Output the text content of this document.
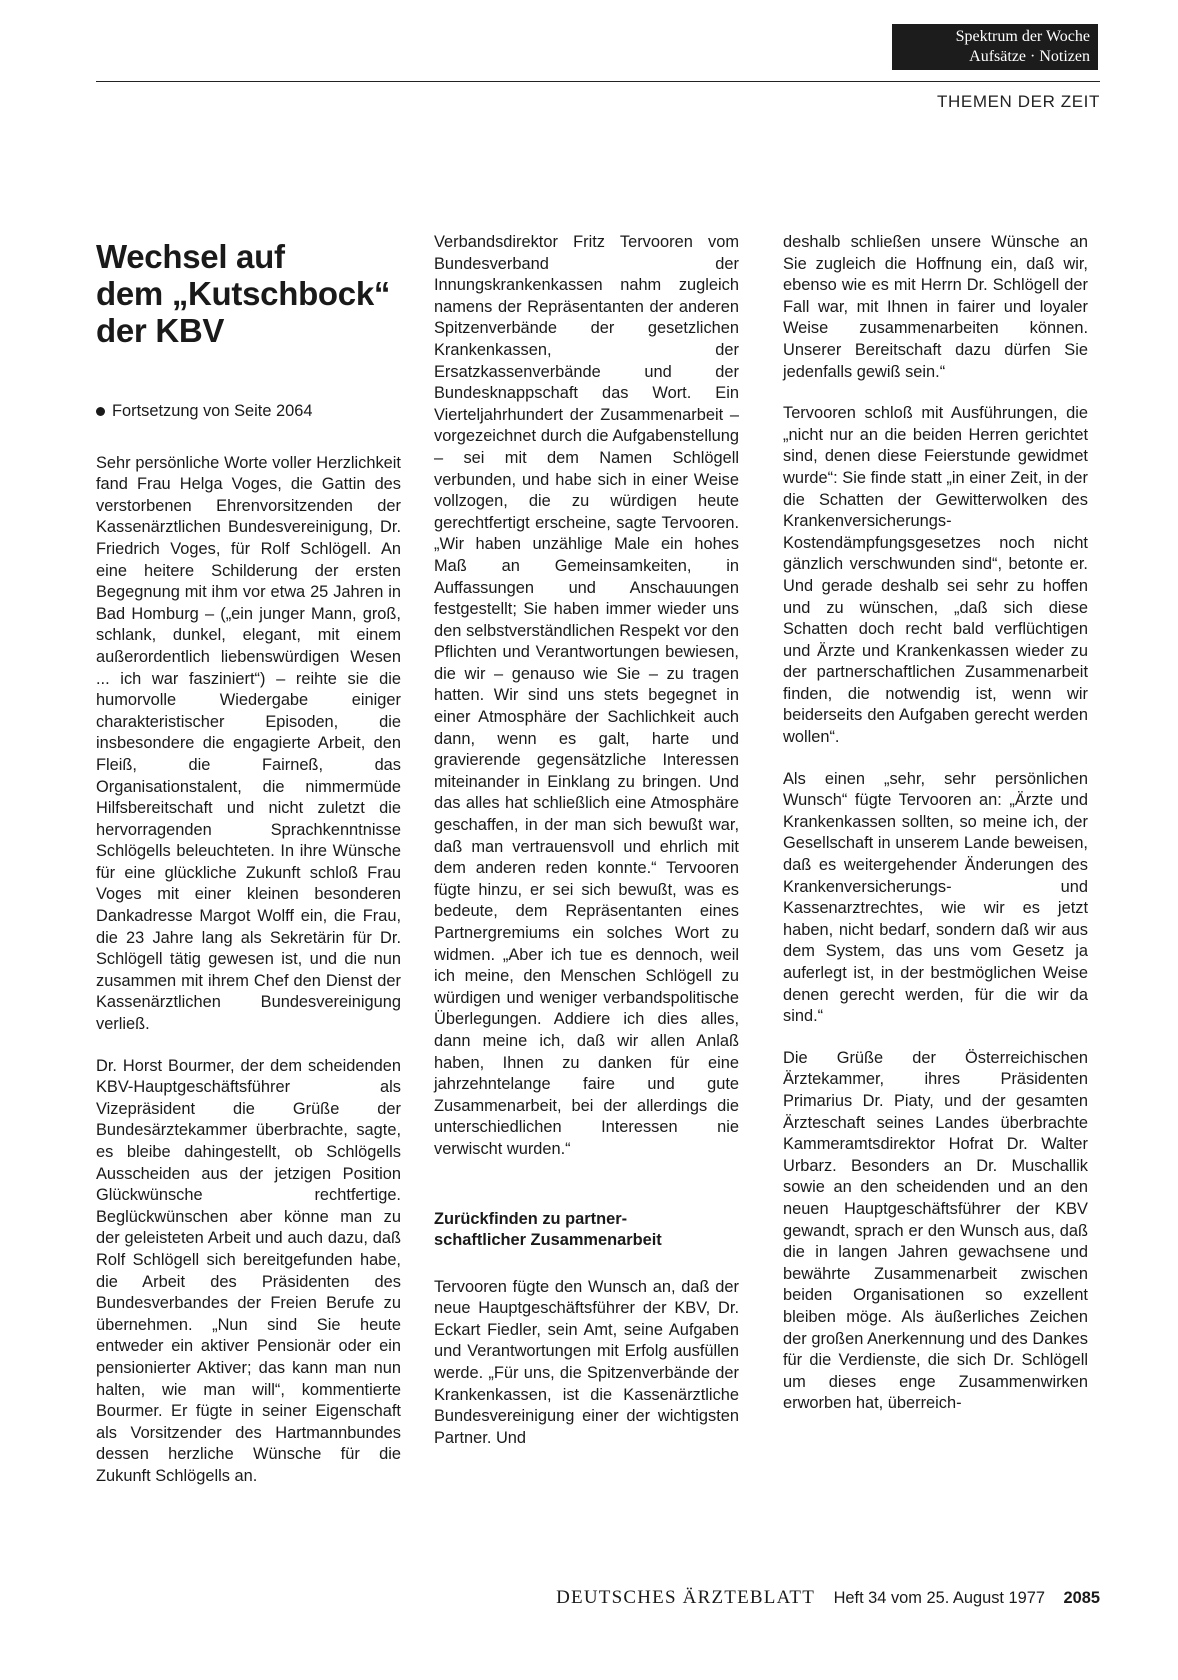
Spektrum der Woche
Aufsätze · Notizen
THEMEN DER ZEIT
Wechsel auf
dem „Kutschbock“
der KBV
Fortsetzung von Seite 2064

Sehr persönliche Worte voller Herzlichkeit fand Frau Helga Voges, die Gattin des verstorbenen Ehrenvorsitzenden der Kassenärztlichen Bundesvereinigung, Dr. Friedrich Voges, für Rolf Schlögell. An eine heitere Schilderung der ersten Begegnung mit ihm vor etwa 25 Jahren in Bad Homburg – („ein junger Mann, groß, schlank, dunkel, elegant, mit einem außerordentlich liebenswürdigen Wesen ... ich war fasziniert“) – reihte sie die humorvolle Wiedergabe einiger charakteristischer Episoden, die insbesondere die engagierte Arbeit, den Fleiß, die Fairneß, das Organisationstalent, die nimmermüde Hilfsbereitschaft und nicht zuletzt die hervorragenden Sprachkenntnisse Schlögells beleuchteten. In ihre Wünsche für eine glückliche Zukunft schloß Frau Voges mit einer kleinen besonderen Dankadresse Margot Wolff ein, die Frau, die 23 Jahre lang als Sekretärin für Dr. Schlögell tätig gewesen ist, und die nun zusammen mit ihrem Chef den Dienst der Kassenärztlichen Bundesvereinigung verließ.

Dr. Horst Bourmer, der dem scheidenden KBV-Hauptgeschäftsführer als Vizepräsident die Grüße der Bundesärztekammer überbrachte, sagte, es bleibe dahingestellt, ob Schlögells Ausscheiden aus der jetzigen Position Glückwünsche rechtfertige. Beglückwünschen aber könne man zu der geleisteten Arbeit und auch dazu, daß Rolf Schlögell sich bereitgefunden habe, die Arbeit des Präsidenten des Bundesverbandes der Freien Berufe zu übernehmen. „Nun sind Sie heute entweder ein aktiver Pensionär oder ein pensionierter Aktiver; das kann man nun halten, wie man will“, kommentierte Bourmer. Er fügte in seiner Eigenschaft als Vorsitzender des Hartmannbundes dessen herzliche Wünsche für die Zukunft Schlögells an.

Verbandsdirektor Fritz Tervooren vom Bundesverband der Innungskrankenkassen nahm zugleich namens der Repräsentanten der anderen Spitzenverbände der gesetzlichen Krankenkassen, der Ersatzkassenverbände und der Bundesknappschaft das Wort. Ein Vierteljahrhundert der Zusammenarbeit – vorgezeichnet durch die Aufgabenstellung – sei mit dem Namen Schlögell verbunden, und habe sich in einer Weise vollzogen, die zu würdigen heute gerechtfertigt erscheine, sagte Tervooren. „Wir haben unzählige Male ein hohes Maß an Gemeinsamkeiten, in Auffassungen und Anschauungen festgestellt; Sie haben immer wieder uns den selbstverständlichen Respekt vor den Pflichten und Verantwortungen bewiesen, die wir – genauso wie Sie – zu tragen hatten. Wir sind uns stets begegnet in einer Atmosphäre der Sachlichkeit auch dann, wenn es galt, harte und gravierende gegensätzliche Interessen miteinander in Einklang zu bringen. Und das alles hat schließlich eine Atmosphäre geschaffen, in der man sich bewußt war, daß man vertrauensvoll und ehrlich mit dem anderen reden konnte.“ Tervooren fügte hinzu, er sei sich bewußt, was es bedeute, dem Repräsentanten eines Partnergremiums ein solches Wort zu widmen. „Aber ich tue es dennoch, weil ich meine, den Menschen Schlögell zu würdigen und weniger verbandspolitische Überlegungen. Addiere ich dies alles, dann meine ich, daß wir allen Anlaß haben, Ihnen zu danken für eine jahrzehntelange faire und gute Zusammenarbeit, bei der allerdings die unterschiedlichen Interessen nie verwischt wurden.“

Zurückfinden zu partner-
schaftlicher Zusammenarbeit

Tervooren fügte den Wunsch an, daß der neue Hauptgeschäftsführer der KBV, Dr. Eckart Fiedler, sein Amt, seine Aufgaben und Verantwortungen mit Erfolg ausfüllen werde. „Für uns, die Spitzenverbände der Krankenkassen, ist die Kassenärztliche Bundesvereinigung einer der wichtigsten Partner. Und

deshalb schließen unsere Wünsche an Sie zugleich die Hoffnung ein, daß wir, ebenso wie es mit Herrn Dr. Schlögell der Fall war, mit Ihnen in fairer und loyaler Weise zusammenarbeiten können. Unserer Bereitschaft dazu dürfen Sie jedenfalls gewiß sein.“

Tervooren schloß mit Ausführungen, die „nicht nur an die beiden Herren gerichtet sind, denen diese Feierstunde gewidmet wurde“: Sie finde statt „in einer Zeit, in der die Schatten der Gewitterwolken des Krankenversicherungs-Kostendämpfungsgesetzes noch nicht gänzlich verschwunden sind“, betonte er. Und gerade deshalb sei sehr zu hoffen und zu wünschen, „daß sich diese Schatten doch recht bald verflüchtigen und Ärzte und Krankenkassen wieder zu der partnerschaftlichen Zusammenarbeit finden, die notwendig ist, wenn wir beiderseits den Aufgaben gerecht werden wollen“.

Als einen „sehr, sehr persönlichen Wunsch“ fügte Tervooren an: „Ärzte und Krankenkassen sollten, so meine ich, der Gesellschaft in unserem Lande beweisen, daß es weitergehender Änderungen des Krankenversicherungs- und Kassenarztrechtes, wie wir es jetzt haben, nicht bedarf, sondern daß wir aus dem System, das uns vom Gesetz ja auferlegt ist, in der bestmöglichen Weise denen gerecht werden, für die wir da sind.“

Die Grüße der Österreichischen Ärztekammer, ihres Präsidenten Primarius Dr. Piaty, und der gesamten Ärzteschaft seines Landes überbrachte Kammeramtsdirektor Hofrat Dr. Walter Urbarz. Besonders an Dr. Muschallik sowie an den scheidenden und an den neuen Hauptgeschäftsführer der KBV gewandt, sprach er den Wunsch aus, daß die in langen Jahren gewachsene und bewährte Zusammenarbeit zwischen beiden Organisationen so exzellent bleiben möge. Als äußerliches Zeichen der großen Anerkennung und des Dankes für die Verdienste, die sich Dr. Schlögell um dieses enge Zusammenwirken erworben hat, überreich-

DEUTSCHES ÄRZTEBLATT Heft 34 vom 25. August 1977 2085
